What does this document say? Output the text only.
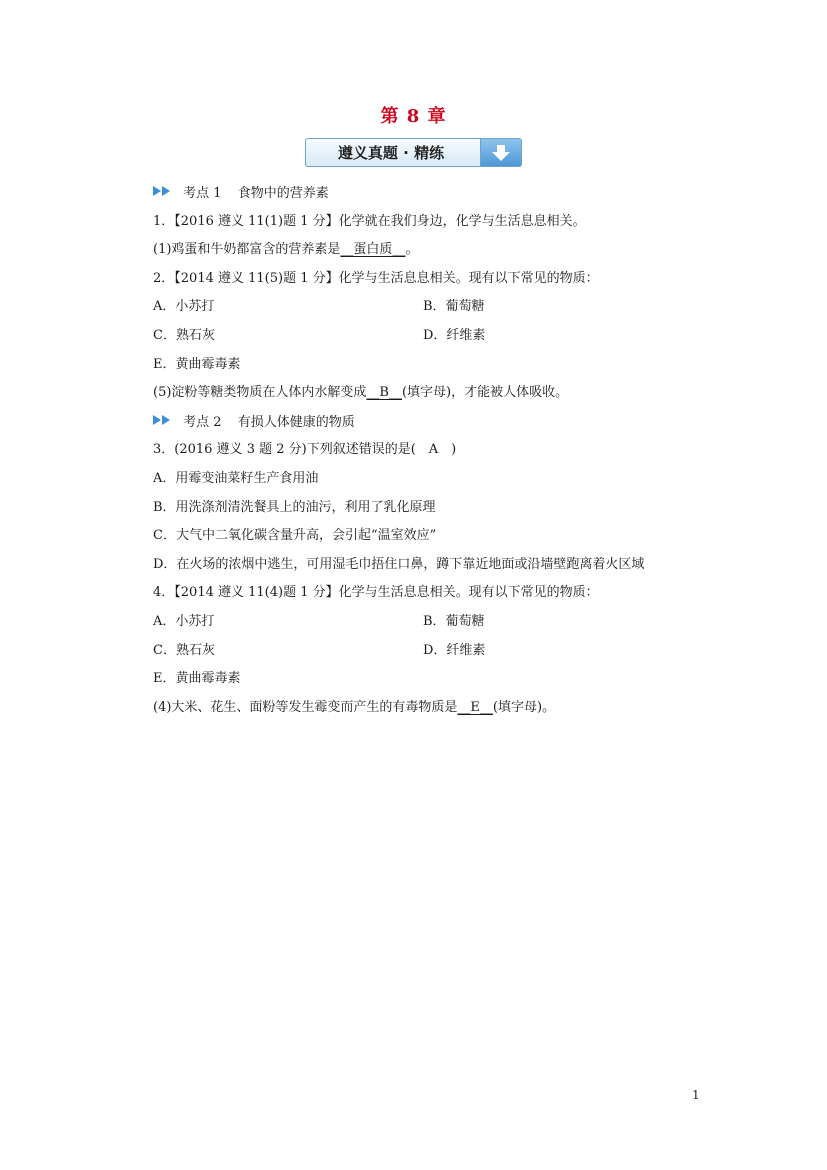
第 8 章
遵义真题 · 精练
考点 1 食物中的营养素
1．【2016 遵义 11(1)题 1 分】化学就在我们身边，化学与生活息息相关。
(1)鸡蛋和牛奶都富含的营养素是__蛋白质__。
2．【2014 遵义 11(5)题 1 分】化学与生活息息相关。现有以下常见的物质：
A．小苏打	B．葡萄糖
C．熟石灰	D．纤维素
E．黄曲霉毒素
(5)淀粉等糖类物质在人体内水解变成__B__(填字母)，才能被人体吸收。
考点 2 有损人体健康的物质
3．(2016 遵义 3 题 2 分)下列叙述错误的是(　A　)
A．用霉变油菜籽生产食用油
B．用洗涤剂清洗餐具上的油污，利用了乳化原理
C．大气中二氧化碳含量升高，会引起“温室效应”
D．在火场的浓烟中逃生，可用湿毛巾捂住口鼻，蹲下靠近地面或沿墙壁跑离着火区域
4．【2014 遵义 11(4)题 1 分】化学与生活息息相关。现有以下常见的物质：
A．小苏打	B．葡萄糖
C．熟石灰	D．纤维素
E．黄曲霉毒素
(4)大米、花生、面粉等发生霉变而产生的有毒物质是__E__(填字母)。
1
